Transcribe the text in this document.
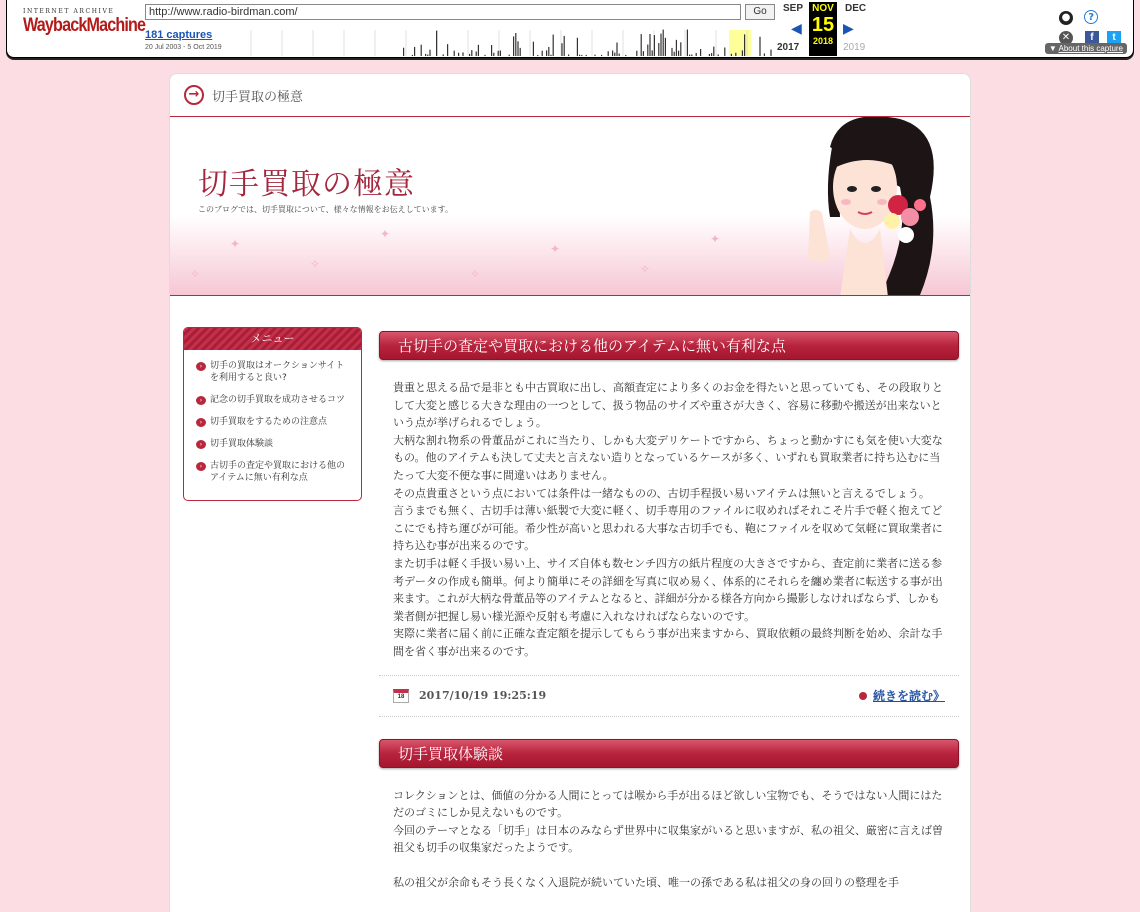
INTERNET ARCHIVE
WaybackMachine
http://www.radio-birdman.com/	Go
181 captures
20 Jul 2003 - 5 Oct 2019
SEP
◀
NOV
15
2018
DEC
▶
2017	2019
● ? ✕	f t
▼ About this capture
→ 切手買取の極意
✦
✧
✦
✧
✦
✧
✦
✧
切手買取の極意
このブログでは、切手買取について、様々な情報をお伝えしています。
メニュー
› 切手の買取はオークションサイトを利用すると良い?
› 記念の切手買取を成功させるコツ
› 切手買取をするための注意点
› 切手買取体験談
› 古切手の査定や買取における他のアイテムに無い有利な点
古切手の査定や買取における他のアイテムに無い有利な点

貴重と思える品で是非とも中古買取に出し、高額査定により多くのお金を得たいと思っていても、その段取りとして大変と感じる大きな理由の一つとして、扱う物品のサイズや重さが大きく、容易に移動や搬送が出来ないという点が挙げられるでしょう。

大柄な割れ物系の骨董品がこれに当たり、しかも大変デリケートですから、ちょっと動かすにも気を使い大変なもの。他のアイテムも決して丈夫と言えない造りとなっているケースが多く、いずれも買取業者に持ち込むに当たって大変不便な事に間違いはありません。

その点貴重さという点においては条件は一緒なものの、古切手程扱い易いアイテムは無いと言えるでしょう。

言うまでも無く、古切手は薄い紙製で大変に軽く、切手専用のファイルに収めればそれこそ片手で軽く抱えてどこにでも持ち運びが可能。希少性が高いと思われる大事な古切手でも、鞄にファイルを収めて気軽に買取業者に持ち込む事が出来るのです。

また切手は軽く手扱い易い上、サイズ自体も数センチ四方の紙片程度の大きさですから、査定前に業者に送る参考データの作成も簡単。何より簡単にその詳細を写真に収め易く、体系的にそれらを纏め業者に転送する事が出来ます。これが大柄な骨董品等のアイテムとなると、詳細が分かる様各方向から撮影しなければならず、しかも業者側が把握し易い様光源や反射も考慮に入れなければならないのです。

実際に業者に届く前に正確な査定額を提示してもらう事が出来ますから、買取依頼の最終判断を始め、余計な手間を省く事が出来るのです。

18	2017/10/19 19:25:19	続きを読む》
切手買取体験談

コレクションとは、価値の分かる人間にとっては喉から手が出るほど欲しい宝物でも、そうではない人間にはただのゴミにしか見えないものです。

今回のテーマとなる「切手」は日本のみならず世界中に収集家がいると思いますが、私の祖父、厳密に言えば曽祖父も切手の収集家だったようです。

私の祖父が余命もそう長くなく入退院が続いていた頃、唯一の孫である私は祖父の身の回りの整理を手
